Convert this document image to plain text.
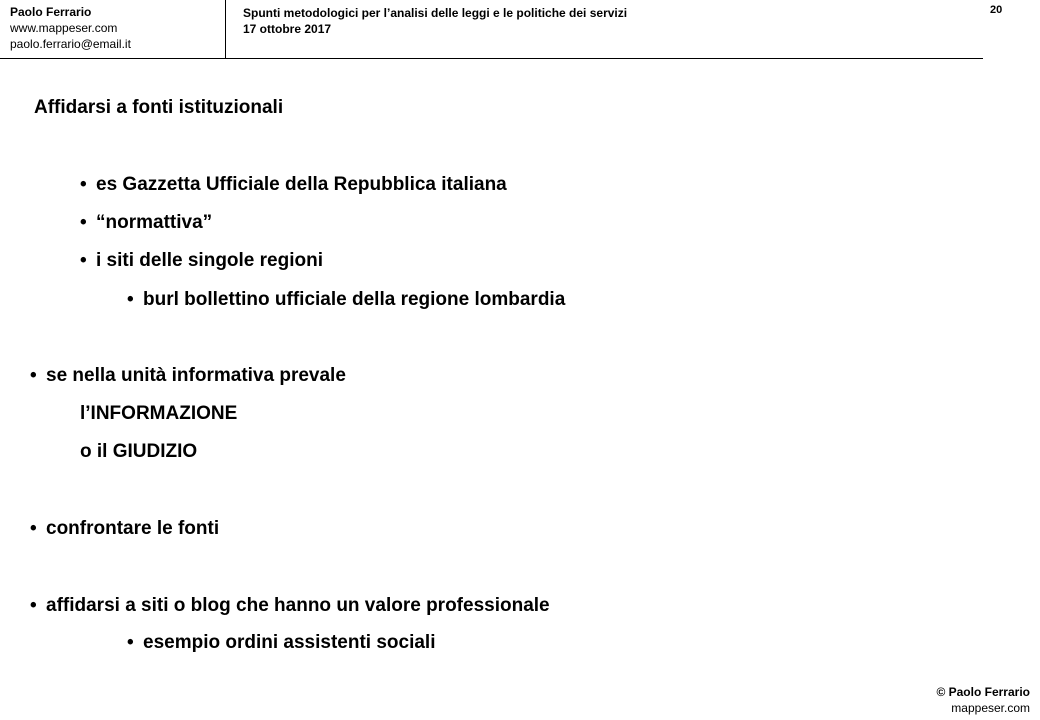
Paolo Ferrario
www.mappeser.com
paolo.ferrario@email.it
Spunti metodologici per l’analisi delle leggi e le politiche dei servizi
17 ottobre 2017
20
Affidarsi a fonti istituzionali
• es Gazzetta Ufficiale della Repubblica italiana
• “normattiva”
• i siti delle singole regioni
• burl bollettino ufficiale della regione lombardia
• se nella unità informativa prevale
l’INFORMAZIONE
o il GIUDIZIO
• confrontare le fonti
• affidarsi a siti o blog che hanno un valore professionale
• esempio ordini assistenti sociali
© Paolo Ferrario
mappeser.com
